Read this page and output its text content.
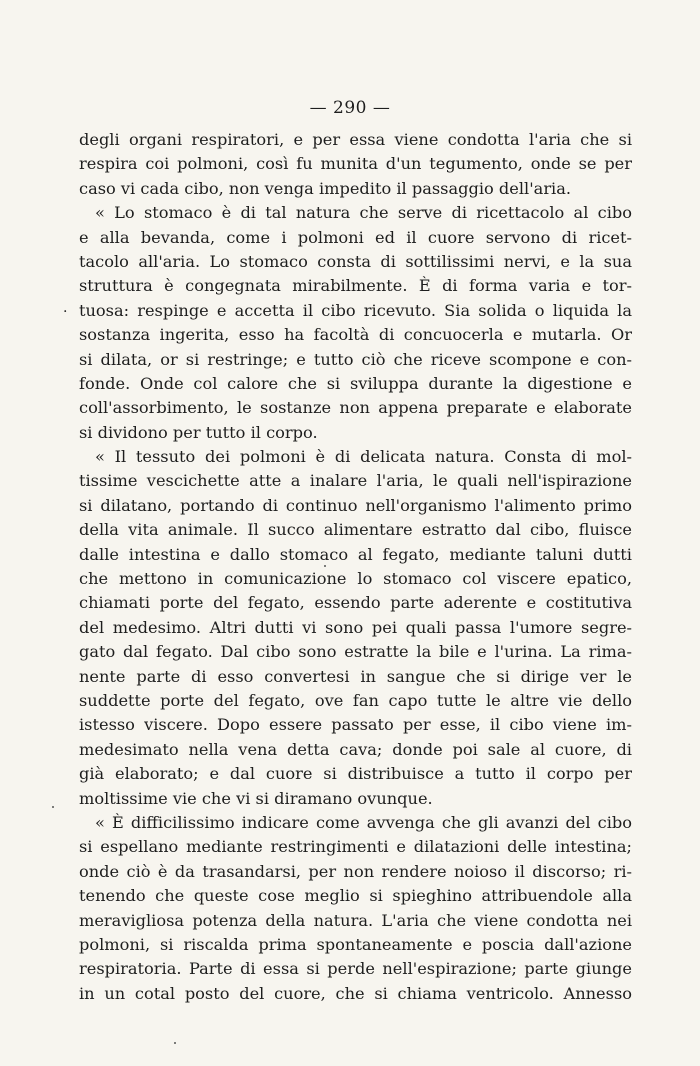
— 290 —
.
degli organi respiratori, e per essa viene condotta l'aria che si
respira coi polmoni, così fu munita d'un tegumento, onde se per
caso vi cada cibo, non venga impedito il passaggio dell'aria.
« Lo stomaco è di tal natura che serve di ricettacolo al cibo
e alla bevanda, come i polmoni ed il cuore servono di ricet-
tacolo all'aria. Lo stomaco consta di sottilissimi nervi, e la sua
struttura è congegnata mirabilmente. È di forma varia e tor-
tuosa: respinge e accetta il cibo ricevuto. Sia solida o liquida la
sostanza ingerita, esso ha facoltà di concuocerla e mutarla. Or
si dilata, or si restringe; e tutto ciò che riceve scompone e con-
fonde. Onde col calore che si sviluppa durante la digestione e
coll'assorbimento, le sostanze non appena preparate e elaborate
si dividono per tutto il corpo.
« Il tessuto dei polmoni è di delicata natura. Consta di mol-
tissime vescichette atte a inalare l'aria, le quali nell'ispirazione
si dilatano, portando di continuo nell'organismo l'alimento primo
della vita animale. Il succo alimentare estratto dal cibo, fluisce
dalle intestina e dallo stomaco al fegato, mediante taluni dutti
che mettono in comunicazione lo stomaco col viscere epatico,
chiamati porte del fegato, essendo parte aderente e costitutiva
del medesimo. Altri dutti vi sono pei quali passa l'umore segre-
gato dal fegato. Dal cibo sono estratte la bile e l'urina. La rima-
nente parte di esso convertesi in sangue che si dirige ver le
suddette porte del fegato, ove fan capo tutte le altre vie dello
istesso viscere. Dopo essere passato per esse, il cibo viene im-
medesimato nella vena detta cava; donde poi sale al cuore, di
già elaborato; e dal cuore si distribuisce a tutto il corpo per
moltissime vie che vi si diramano ovunque.
« È difficilissimo indicare come avvenga che gli avanzi del cibo
si espellano mediante restringimenti e dilatazioni delle intestina;
onde ciò è da trasandarsi, per non rendere noioso il discorso; ri-
tenendo che queste cose meglio si spieghino attribuendole alla
meravigliosa potenza della natura. L'aria che viene condotta nei
polmoni, si riscalda prima spontaneamente e poscia dall'azione
respiratoria. Parte di essa si perde nell'espirazione; parte giunge
in un cotal posto del cuore, che si chiama ventricolo. Annesso
